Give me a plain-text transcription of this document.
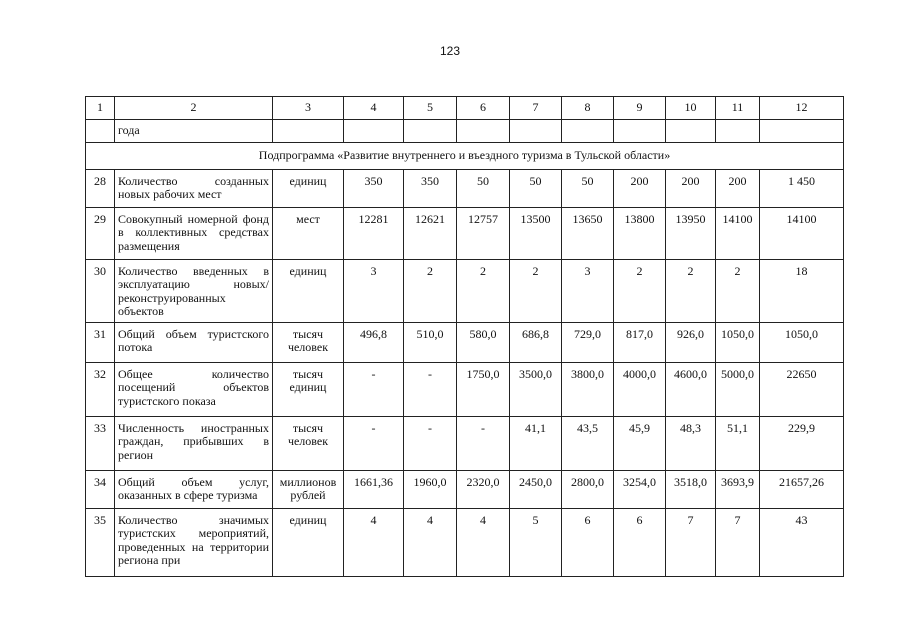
123
1	2	3	4	5	6	7	8	9	10	11	12
	года										
Подпрограмма «Развитие внутреннего и въездного туризма в Тульской области»											
28	Количество созданных новых рабочих мест	единиц	350	350	50	50	50	200	200	200	1 450
29	Совокупный номерной фонд в коллективных средствах размещения	мест	12281	12621	12757	13500	13650	13800	13950	14100	14100
30	Количество введенных в эксплуатацию новых/ реконструированных объектов	единиц	3	2	2	2	3	2	2	2	18
31	Общий объем туристского потока	тысяч человек	496,8	510,0	580,0	686,8	729,0	817,0	926,0	1050,0	1050,0
32	Общее количество посещений объектов туристского показа	тысяч единиц	-	-	1750,0	3500,0	3800,0	4000,0	4600,0	5000,0	22650
33	Численность иностранных граждан, прибывших в регион	тысяч человек	-	-	-	41,1	43,5	45,9	48,3	51,1	229,9
34	Общий объем услуг, оказанных в сфере туризма	миллионов рублей	1661,36	1960,0	2320,0	2450,0	2800,0	3254,0	3518,0	3693,9	21657,26
35	Количество значимых туристских мероприятий, проведенных на территории региона при	единиц	4	4	4	5	6	6	7	7	43
